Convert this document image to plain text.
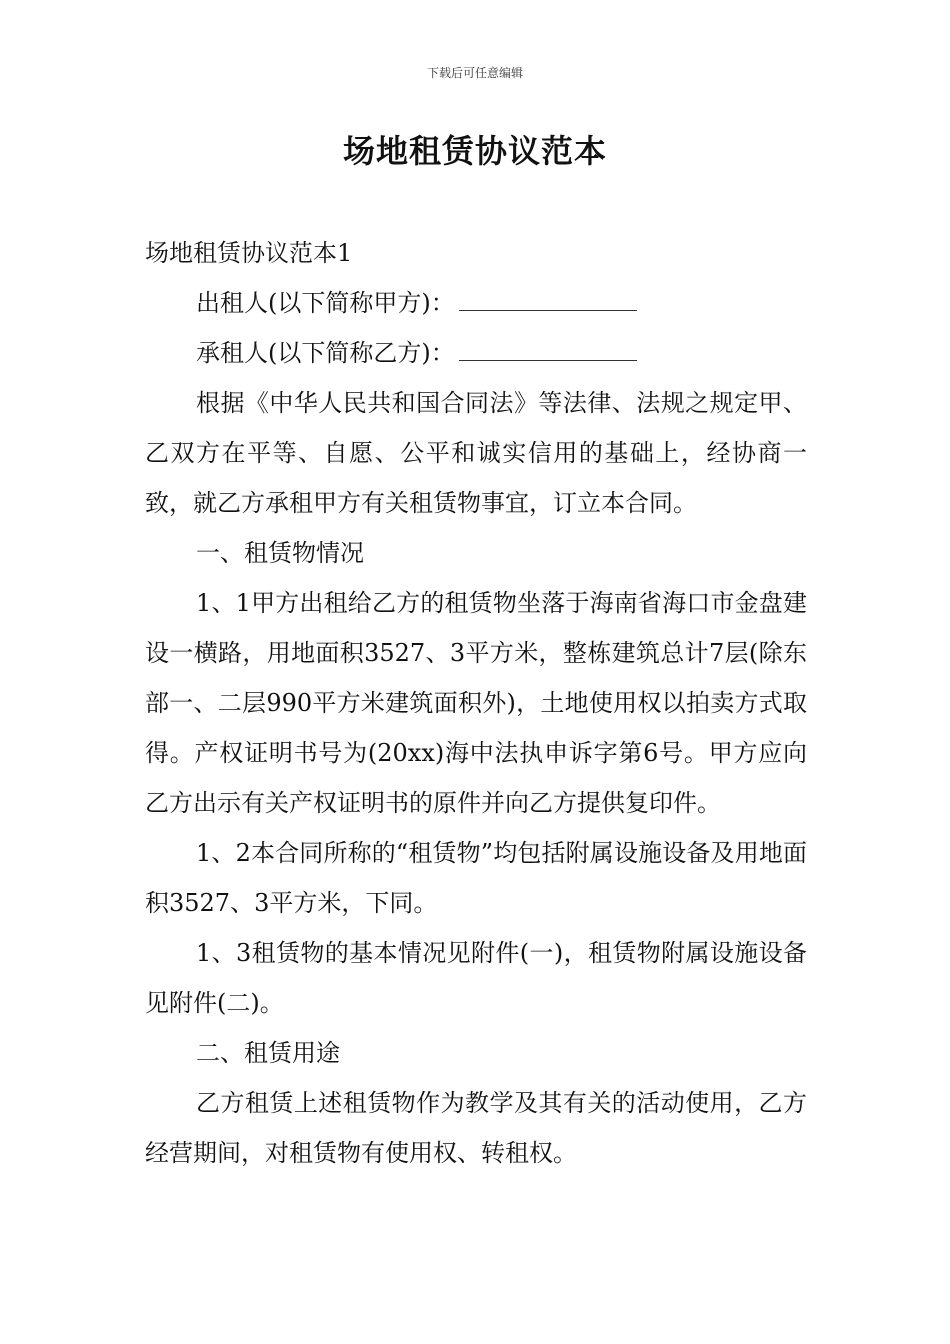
下载后可任意编辑
场地租赁协议范本

场地租赁协议范本1

出租人(以下简称甲方)：

承租人(以下简称乙方)：

根据《中华人民共和国合同法》等法律、法规之规定甲、乙双方在平等、自愿、公平和诚实信用的基础上，经协商一致，就乙方承租甲方有关租赁物事宜，订立本合同。

一、租赁物情况

1、1甲方出租给乙方的租赁物坐落于海南省海口市金盘建设一横路，用地面积3527、3平方米，整栋建筑总计7层(除东部一、二层990平方米建筑面积外)，土地使用权以拍卖方式取得。产权证明书号为(20xx)海中法执申诉字第6号。甲方应向乙方出示有关产权证明书的原件并向乙方提供复印件。

1、2本合同所称的“租赁物”均包括附属设施设备及用地面积3527、3平方米，下同。

1、3租赁物的基本情况见附件(一)，租赁物附属设施设备见附件(二)。

二、租赁用途

乙方租赁上述租赁物作为教学及其有关的活动使用，乙方经营期间，对租赁物有使用权、转租权。
